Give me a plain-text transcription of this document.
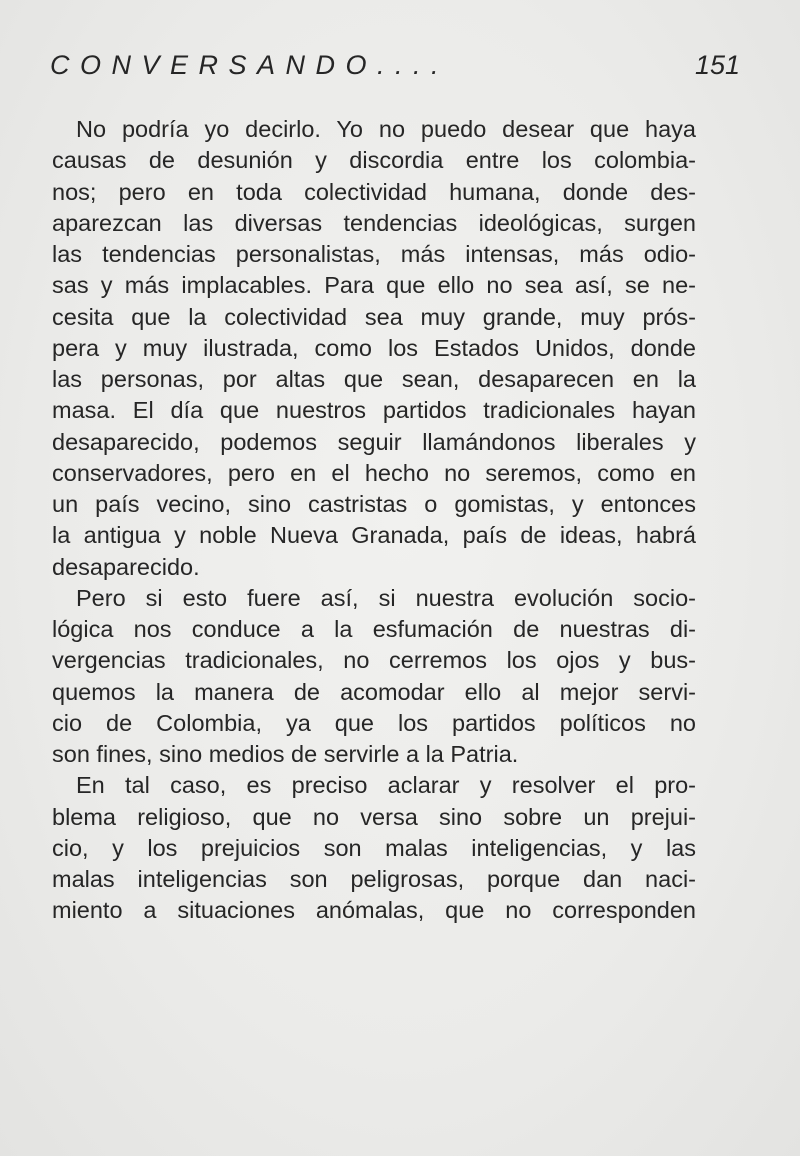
CONVERSANDO....	151
No podría yo decirlo. Yo no puedo desear que haya
causas de desunión y discordia entre los colombia-
nos; pero en toda colectividad humana, donde des-
aparezcan las diversas tendencias ideológicas, surgen
las tendencias personalistas, más intensas, más odio-
sas y más implacables. Para que ello no sea así, se ne-
cesita que la colectividad sea muy grande, muy prós-
pera y muy ilustrada, como los Estados Unidos, donde
las personas, por altas que sean, desaparecen en la
masa. El día que nuestros partidos tradicionales hayan
desaparecido, podemos seguir llamándonos liberales y
conservadores, pero en el hecho no seremos, como en
un país vecino, sino castristas o gomistas, y entonces
la antigua y noble Nueva Granada, país de ideas, habrá
desaparecido.
Pero si esto fuere así, si nuestra evolución socio-
lógica nos conduce a la esfumación de nuestras di-
vergencias tradicionales, no cerremos los ojos y bus-
quemos la manera de acomodar ello al mejor servi-
cio de Colombia, ya que los partidos políticos no
son fines, sino medios de servirle a la Patria.
En tal caso, es preciso aclarar y resolver el pro-
blema religioso, que no versa sino sobre un prejui-
cio, y los prejuicios son malas inteligencias, y las
malas inteligencias son peligrosas, porque dan naci-
miento a situaciones anómalas, que no corresponden
